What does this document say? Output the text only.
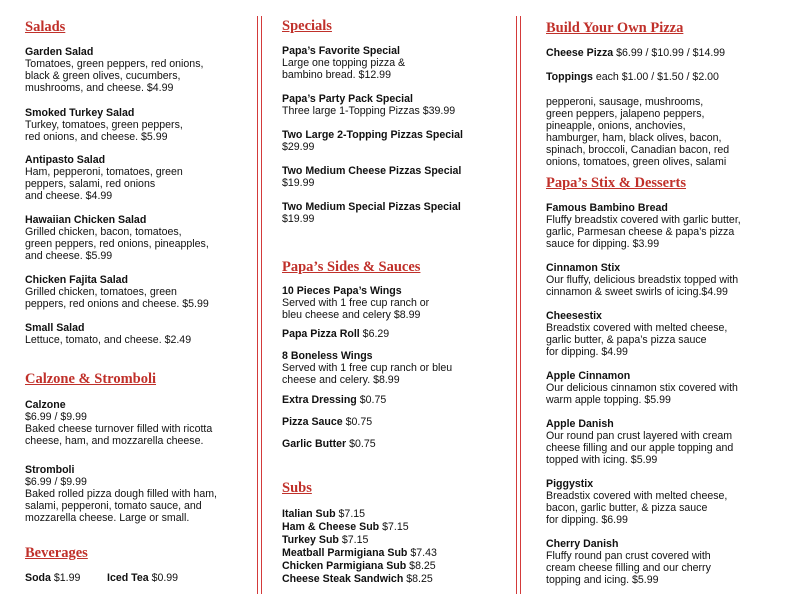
Salads
Garden Salad
Tomatoes, green peppers, red onions,
black & green olives, cucumbers,
mushrooms, and cheese. $4.99
Smoked Turkey Salad
Turkey, tomatoes, green peppers,
red onions, and cheese. $5.99
Antipasto Salad
Ham, pepperoni, tomatoes, green
peppers, salami, red onions
and cheese. $4.99
Hawaiian Chicken Salad
Grilled chicken, bacon, tomatoes,
green peppers, red onions, pineapples,
and cheese. $5.99
Chicken Fajita Salad
Grilled chicken, tomatoes, green
peppers, red onions and cheese. $5.99
Small Salad
Lettuce, tomato, and cheese. $2.49
Calzone & Stromboli
Calzone
$6.99 / $9.99
Baked cheese turnover filled with ricotta
cheese, ham, and mozzarella cheese.
Stromboli
$6.99 / $9.99
Baked rolled pizza dough filled with ham,
salami, pepperoni, tomato sauce, and
mozzarella cheese. Large or small.
Beverages
Soda $1.99	Iced Tea $0.99
Specials
Papa’s Favorite Special
Large one topping pizza &
bambino bread. $12.99
Papa’s Party Pack Special
Three large 1-Topping Pizzas $39.99
Two Large 2-Topping Pizzas Special
$29.99
Two Medium Cheese Pizzas Special
$19.99
Two Medium Special Pizzas Special
$19.99
Papa’s Sides & Sauces
10 Pieces Papa’s Wings
Served with 1 free cup ranch or
bleu cheese and celery $8.99
Papa Pizza Roll $6.29
8 Boneless Wings
Served with 1 free cup ranch or bleu
cheese and celery. $8.99
Extra Dressing $0.75
Pizza Sauce $0.75
Garlic Butter $0.75
Subs
Italian Sub $7.15
Ham & Cheese Sub $7.15
Turkey Sub $7.15
Meatball Parmigiana Sub $7.43
Chicken Parmigiana Sub $8.25
Cheese Steak Sandwich $8.25
Build Your Own Pizza
Cheese Pizza $6.99 / $10.99 / $14.99
Toppings each $1.00 / $1.50 / $2.00
pepperoni, sausage, mushrooms,
green peppers, jalapeno peppers,
pineapple, onions, anchovies,
hamburger, ham, black olives, bacon,
spinach, broccoli, Canadian bacon, red
onions, tomatoes, green olives, salami
Papa’s Stix & Desserts
Famous Bambino Bread
Fluffy breadstix covered with garlic butter,
garlic, Parmesan cheese & papa’s pizza
sauce for dipping. $3.99
Cinnamon Stix
Our fluffy, delicious breadstix topped with
cinnamon & sweet swirls of icing.$4.99
Cheesestix
Breadstix covered with melted cheese,
garlic butter, & papa’s pizza sauce
for dipping. $4.99
Apple Cinnamon
Our delicious cinnamon stix covered with
warm apple topping. $5.99
Apple Danish
Our round pan crust layered with cream
cheese filling and our apple topping and
topped with icing. $5.99
Piggystix
Breadstix covered with melted cheese,
bacon, garlic butter, & pizza sauce
for dipping. $6.99
Cherry Danish
Fluffy round pan crust covered with
cream cheese filling and our cherry
topping and icing. $5.99
